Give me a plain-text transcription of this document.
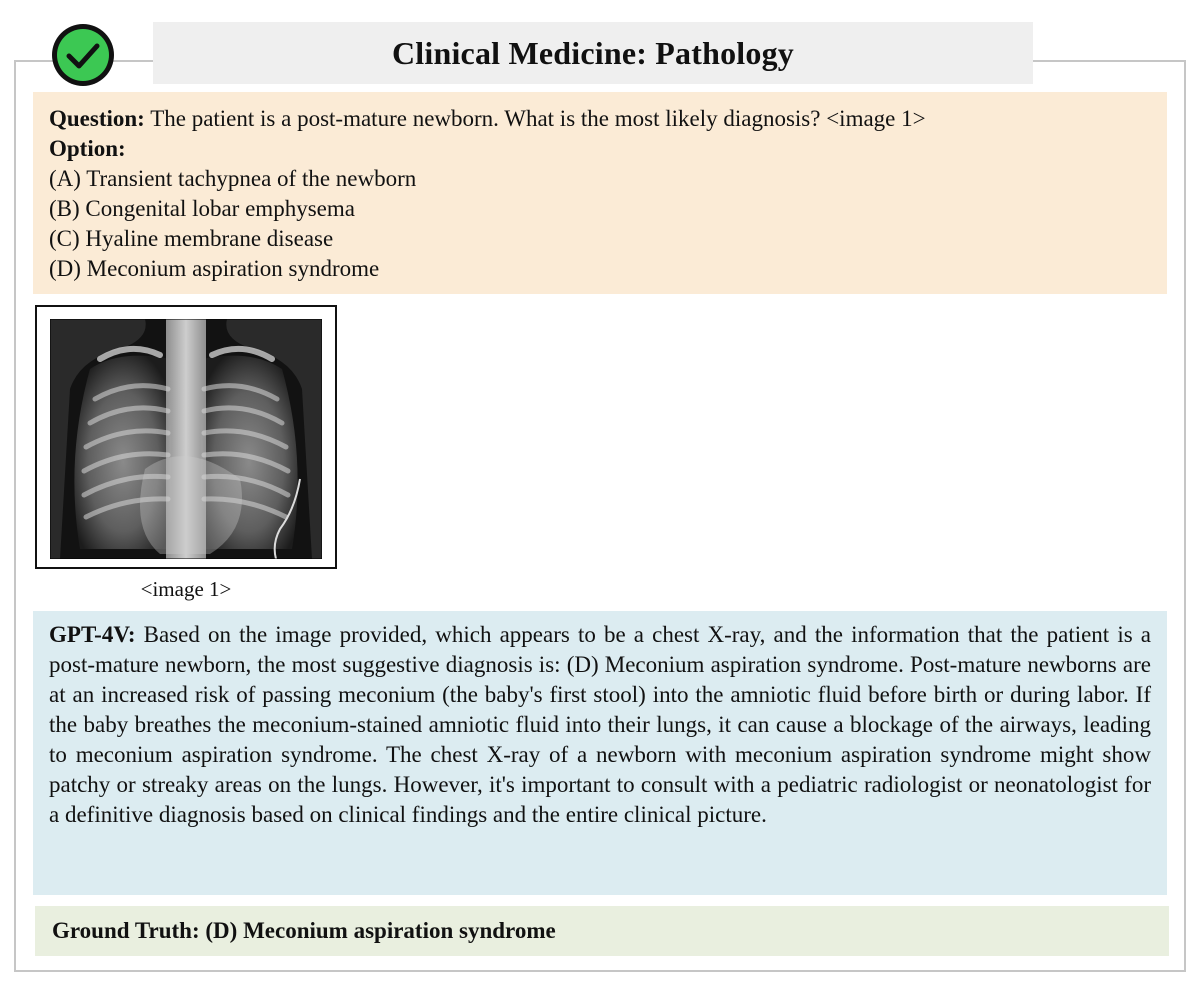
Clinical Medicine: Pathology
Question: The patient is a post-mature newborn. What is the most likely diagnosis? <image 1>
Option:
(A) Transient tachypnea of the newborn
(B) Congenital lobar emphysema
(C) Hyaline membrane disease
(D) Meconium aspiration syndrome
<image 1>
GPT-4V: Based on the image provided, which appears to be a chest X-ray, and the information that the patient is a post-mature newborn, the most suggestive diagnosis is: (D) Meconium aspiration syndrome. Post-mature newborns are at an increased risk of passing meconium (the baby's first stool) into the amniotic fluid before birth or during labor. If the baby breathes the meconium-stained amniotic fluid into their lungs, it can cause a blockage of the airways, leading to meconium aspiration syndrome. The chest X-ray of a newborn with meconium aspiration syndrome might show patchy or streaky areas on the lungs. However, it's important to consult with a pediatric radiologist or neonatologist for a definitive diagnosis based on clinical findings and the entire clinical picture.
Ground Truth: (D) Meconium aspiration syndrome
